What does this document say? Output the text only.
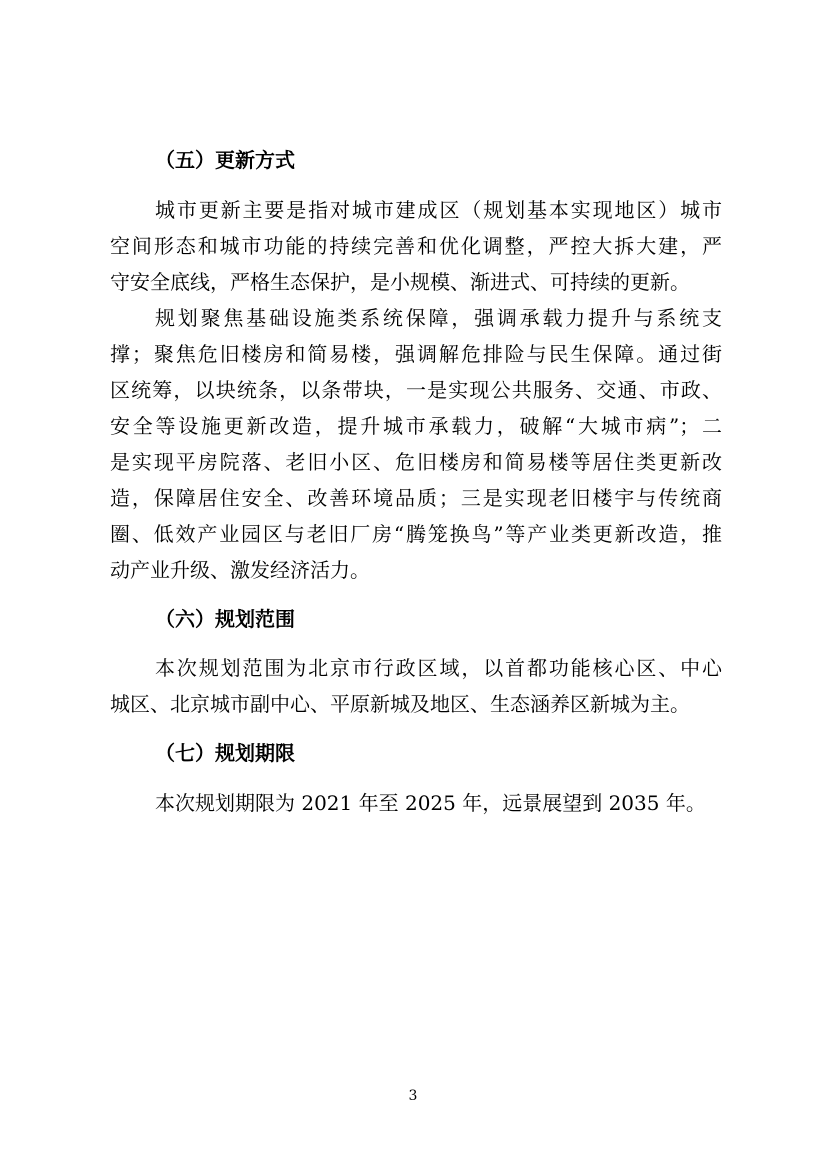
（五）更新方式
城市更新主要是指对城市建成区（规划基本实现地区）城市
空间形态和城市功能的持续完善和优化调整，严控大拆大建，严
守安全底线，严格生态保护，是小规模、渐进式、可持续的更新。
规划聚焦基础设施类系统保障，强调承载力提升与系统支
撑；聚焦危旧楼房和简易楼，强调解危排险与民生保障。通过街
区统筹，以块统条，以条带块，一是实现公共服务、交通、市政、
安全等设施更新改造，提升城市承载力，破解“大城市病”；二
是实现平房院落、老旧小区、危旧楼房和简易楼等居住类更新改
造，保障居住安全、改善环境品质；三是实现老旧楼宇与传统商
圈、低效产业园区与老旧厂房“腾笼换鸟”等产业类更新改造，推
动产业升级、激发经济活力。
（六）规划范围
本次规划范围为北京市行政区域，以首都功能核心区、中心
城区、北京城市副中心、平原新城及地区、生态涵养区新城为主。
（七）规划期限
本次规划期限为 2021 年至 2025 年，远景展望到 2035 年。
3
